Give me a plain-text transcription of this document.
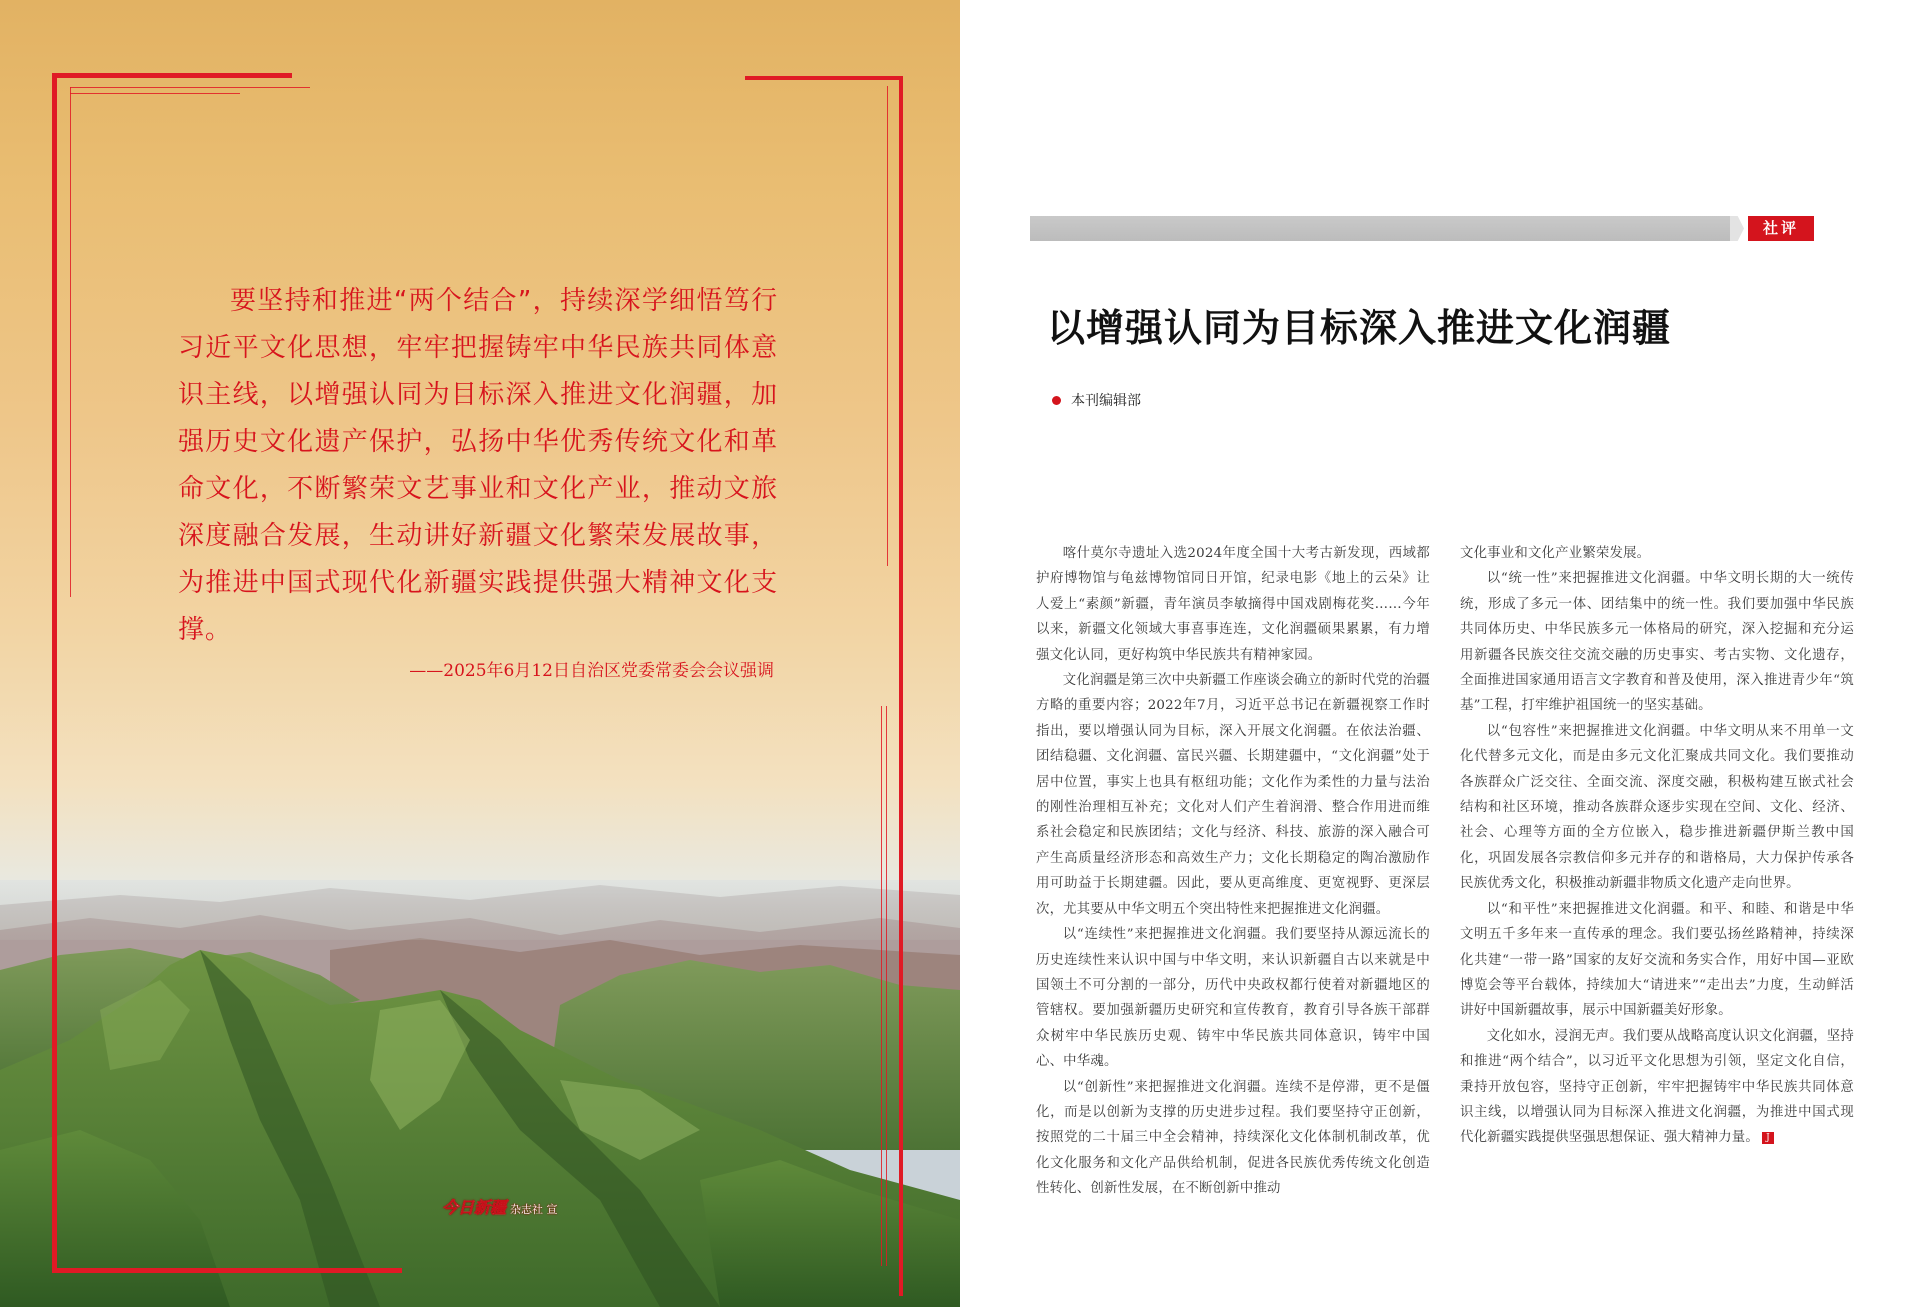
要坚持和推进“两个结合”，持续深学细悟笃行习近平文化思想，牢牢把握铸牢中华民族共同体意识主线，以增强认同为目标深入推进文化润疆，加强历史文化遗产保护，弘扬中华优秀传统文化和革命文化，不断繁荣文艺事业和文化产业，推动文旅深度融合发展，生动讲好新疆文化繁荣发展故事，为推进中国式现代化新疆实践提供强大精神文化支撑。

——2025年6月12日自治区党委常委会会议强调

今日新疆 杂志社 宣

社评

以增强认同为目标深入推进文化润疆
本刊编辑部

喀什莫尔寺遗址入选2024年度全国十大考古新发现，西域都护府博物馆与龟兹博物馆同日开馆，纪录电影《地上的云朵》让人爱上“素颜”新疆，青年演员李敏摘得中国戏剧梅花奖……今年以来，新疆文化领域大事喜事连连，文化润疆硕果累累，有力增强文化认同，更好构筑中华民族共有精神家园。

文化润疆是第三次中央新疆工作座谈会确立的新时代党的治疆方略的重要内容；2022年7月，习近平总书记在新疆视察工作时指出，要以增强认同为目标，深入开展文化润疆。在依法治疆、团结稳疆、文化润疆、富民兴疆、长期建疆中，“文化润疆”处于居中位置，事实上也具有枢纽功能；文化作为柔性的力量与法治的刚性治理相互补充；文化对人们产生着润滑、整合作用进而维系社会稳定和民族团结；文化与经济、科技、旅游的深入融合可产生高质量经济形态和高效生产力；文化长期稳定的陶冶激励作用可助益于长期建疆。因此，要从更高维度、更宽视野、更深层次，尤其要从中华文明五个突出特性来把握推进文化润疆。

以“连续性”来把握推进文化润疆。我们要坚持从源远流长的历史连续性来认识中国与中华文明，来认识新疆自古以来就是中国领土不可分割的一部分，历代中央政权都行使着对新疆地区的管辖权。要加强新疆历史研究和宣传教育，教育引导各族干部群众树牢中华民族历史观、铸牢中华民族共同体意识，铸牢中国心、中华魂。

以“创新性”来把握推进文化润疆。连续不是停滞，更不是僵化，而是以创新为支撑的历史进步过程。我们要坚持守正创新，按照党的二十届三中全会精神，持续深化文化体制机制改革，优化文化服务和文化产品供给机制，促进各民族优秀传统文化创造性转化、创新性发展，在不断创新中推动

文化事业和文化产业繁荣发展。

以“统一性”来把握推进文化润疆。中华文明长期的大一统传统，形成了多元一体、团结集中的统一性。我们要加强中华民族共同体历史、中华民族多元一体格局的研究，深入挖掘和充分运用新疆各民族交往交流交融的历史事实、考古实物、文化遗存，全面推进国家通用语言文字教育和普及使用，深入推进青少年“筑基”工程，打牢维护祖国统一的坚实基础。

以“包容性”来把握推进文化润疆。中华文明从来不用单一文化代替多元文化，而是由多元文化汇聚成共同文化。我们要推动各族群众广泛交往、全面交流、深度交融，积极构建互嵌式社会结构和社区环境，推动各族群众逐步实现在空间、文化、经济、社会、心理等方面的全方位嵌入，稳步推进新疆伊斯兰教中国化，巩固发展各宗教信仰多元并存的和谐格局，大力保护传承各民族优秀文化，积极推动新疆非物质文化遗产走向世界。

以“和平性”来把握推进文化润疆。和平、和睦、和谐是中华文明五千多年来一直传承的理念。我们要弘扬丝路精神，持续深化共建“一带一路”国家的友好交流和务实合作，用好中国—亚欧博览会等平台载体，持续加大“请进来”“走出去”力度，生动鲜活讲好中国新疆故事，展示中国新疆美好形象。

文化如水，浸润无声。我们要从战略高度认识文化润疆，坚持和推进“两个结合”，以习近平文化思想为引领，坚定文化自信，秉持开放包容，坚持守正创新，牢牢把握铸牢中华民族共同体意识主线，以增强认同为目标深入推进文化润疆，为推进中国式现代化新疆实践提供坚强思想保证、强大精神力量。 J
